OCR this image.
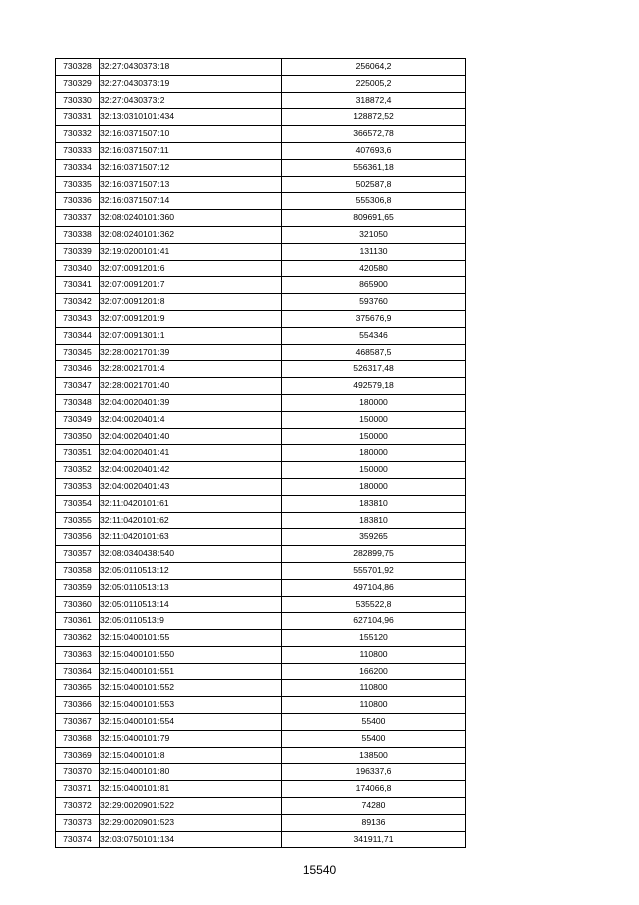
730328	32:27:0430373:18	256064,2
730329	32:27:0430373:19	225005,2
730330	32:27:0430373:2	318872,4
730331	32:13:0310101:434	128872,52
730332	32:16:0371507:10	366572,78
730333	32:16:0371507:11	407693,6
730334	32:16:0371507:12	556361,18
730335	32:16:0371507:13	502587,8
730336	32:16:0371507:14	555306,8
730337	32:08:0240101:360	809691,65
730338	32:08:0240101:362	321050
730339	32:19:0200101:41	131130
730340	32:07:0091201:6	420580
730341	32:07:0091201:7	865900
730342	32:07:0091201:8	593760
730343	32:07:0091201:9	375676,9
730344	32:07:0091301:1	554346
730345	32:28:0021701:39	468587,5
730346	32:28:0021701:4	526317,48
730347	32:28:0021701:40	492579,18
730348	32:04:0020401:39	180000
730349	32:04:0020401:4	150000
730350	32:04:0020401:40	150000
730351	32:04:0020401:41	180000
730352	32:04:0020401:42	150000
730353	32:04:0020401:43	180000
730354	32:11:0420101:61	183810
730355	32:11:0420101:62	183810
730356	32:11:0420101:63	359265
730357	32:08:0340438:540	282899,75
730358	32:05:0110513:12	555701,92
730359	32:05:0110513:13	497104,86
730360	32:05:0110513:14	535522,8
730361	32:05:0110513:9	627104,96
730362	32:15:0400101:55	155120
730363	32:15:0400101:550	110800
730364	32:15:0400101:551	166200
730365	32:15:0400101:552	110800
730366	32:15:0400101:553	110800
730367	32:15:0400101:554	55400
730368	32:15:0400101:79	55400
730369	32:15:0400101:8	138500
730370	32:15:0400101:80	196337,6
730371	32:15:0400101:81	174066,8
730372	32:29:0020901:522	74280
730373	32:29:0020901:523	89136
730374	32:03:0750101:134	341911,71
15540
